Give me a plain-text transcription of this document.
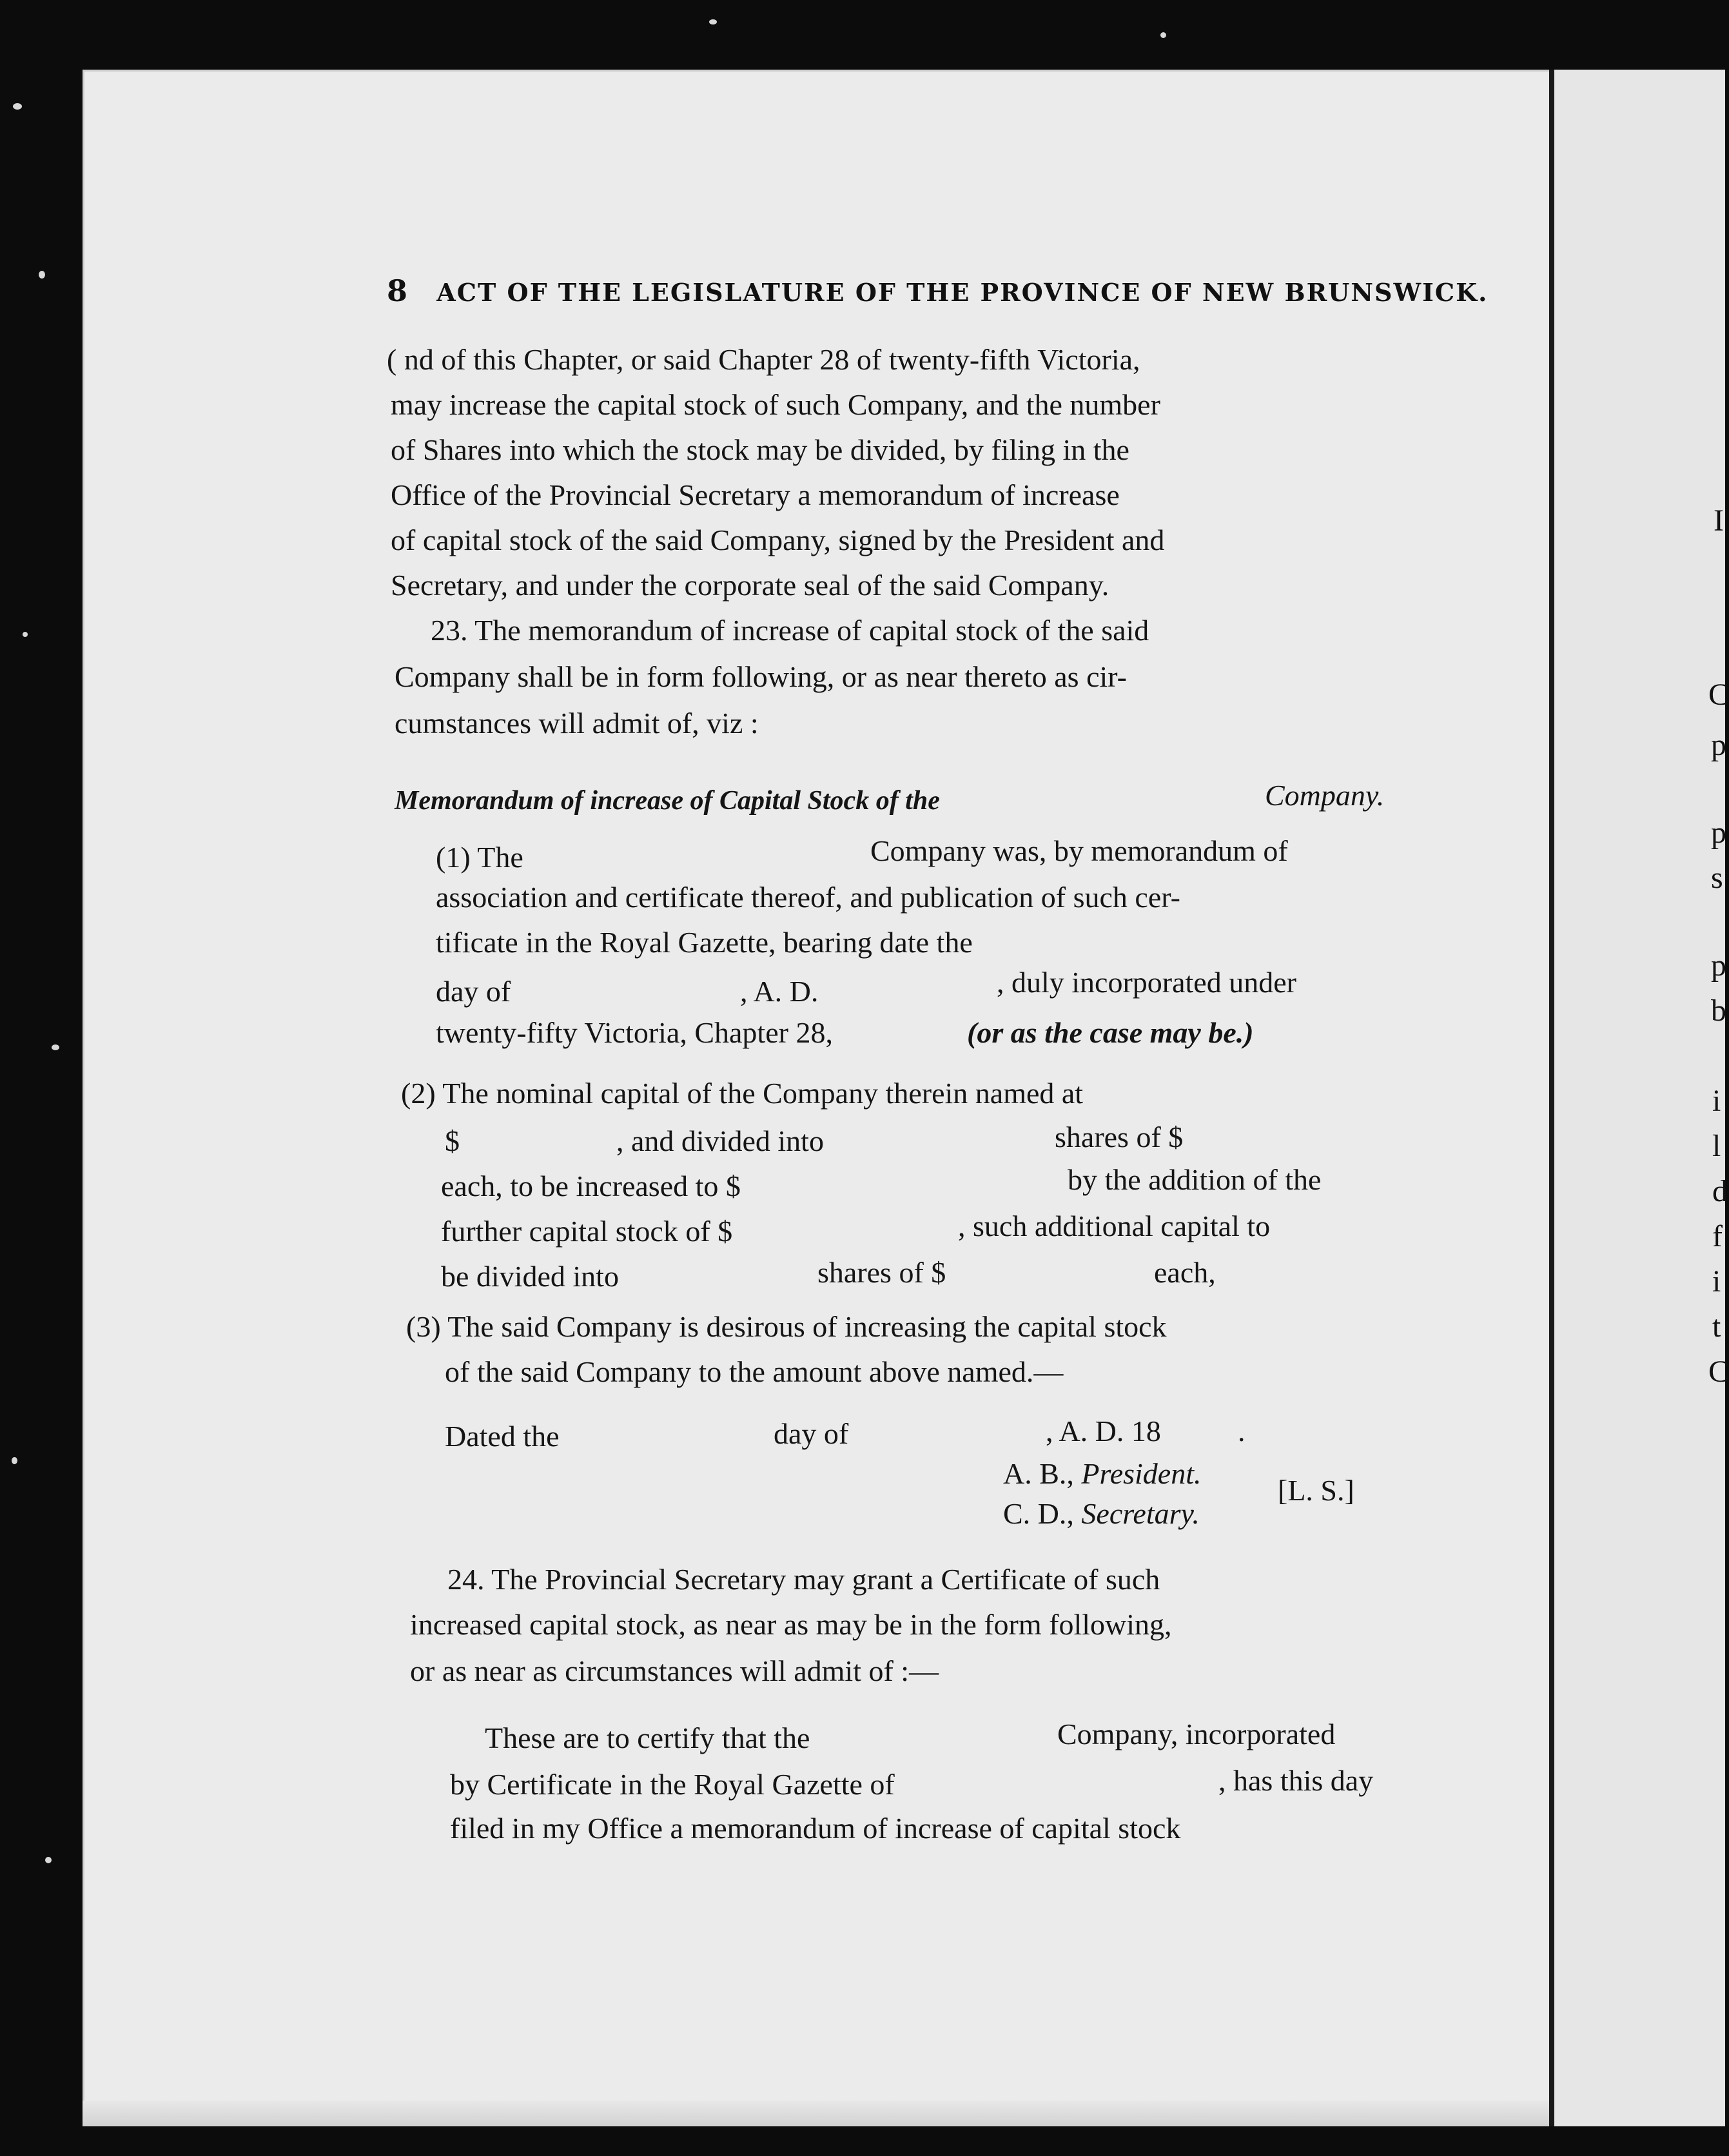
8 ACT OF THE LEGISLATURE OF THE PROVINCE OF NEW BRUNSWICK.
( nd of this Chapter, or said Chapter 28 of twenty-fifth Victoria,
may increase the capital stock of such Company, and the number
of Shares into which the stock may be divided, by filing in the
Office of the Provincial Secretary a memorandum of increase
of capital stock of the said Company, signed by the President and
Secretary, and under the corporate seal of the said Company.
23. The memorandum of increase of capital stock of the said
Company shall be in form following, or as near thereto as cir-
cumstances will admit of, viz :
Memorandum of increase of Capital Stock of the	Company.
(1) The	Company was, by memorandum of
association and certificate thereof, and publication of such cer-
tificate in the Royal Gazette, bearing date the
day of	, A. D.	, duly incorporated under
twenty-fifty Victoria, Chapter 28,	(or as the case may be.)
(2) The nominal capital of the Company therein named at
$	, and divided into	shares of $
each, to be increased to $	by the addition of the
further capital stock of $	, such additional capital to
be divided into	shares of $	each,
(3) The said Company is desirous of increasing the capital stock
of the said Company to the amount above named.—
Dated the	day of	, A. D. 18	.
A. B., President.
C. D., Secretary.
[L. S.]
24. The Provincial Secretary may grant a Certificate of such
increased capital stock, as near as may be in the form following,
or as near as circumstances will admit of :—
These are to certify that the	Company, incorporated
by Certificate in the Royal Gazette of	, has this day
filed in my Office a memorandum of increase of capital stock
I
C
p
p
s
p
b
i
l
d
f
i
t
C
